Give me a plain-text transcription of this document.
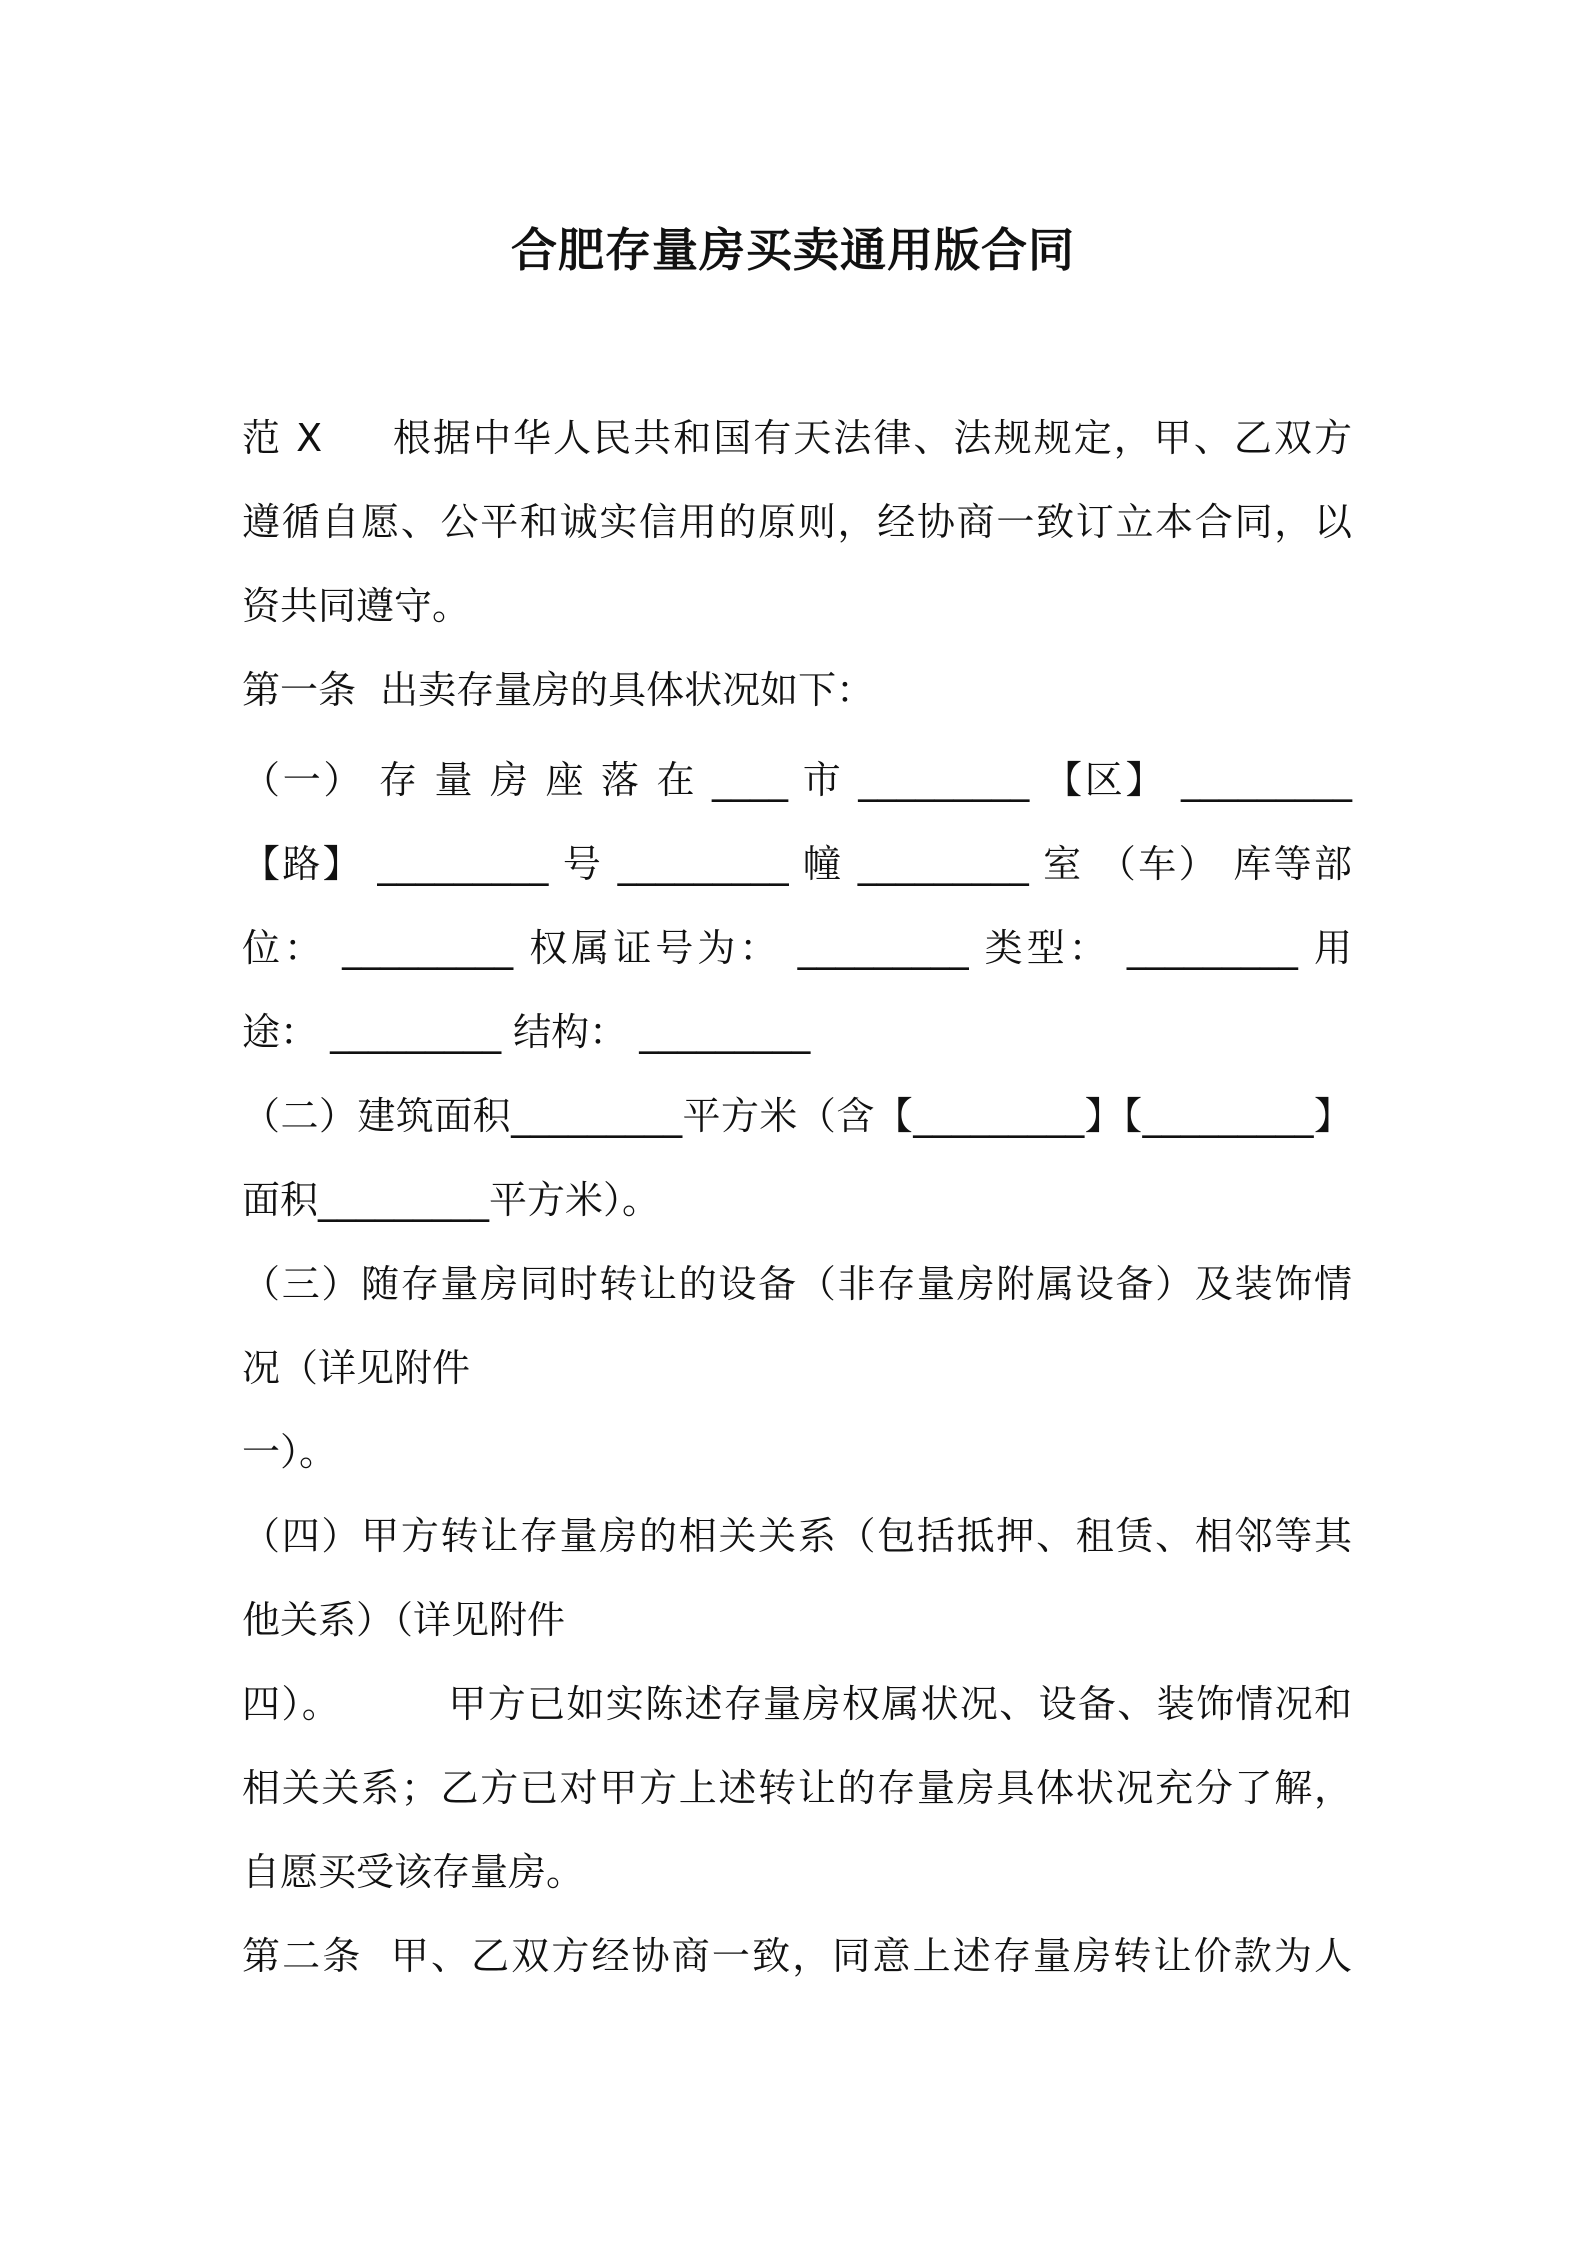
合肥存量房买卖通用版合同

范 X     根据中华人民共和国有天法律、法规规定，甲、乙双方

遵循自愿、公平和诚实信用的原则，经协商一致订立本合同，以

资共同遵守。

第一条  出卖存量房的具体状况如下：

（一） 存 量 房 座 落 在 ____ 市 _________ 【区】 _________

【路】 _________ 号 _________ 幢 _________ 室 （车） 库等部

位： _________ 权属证号为： _________ 类型： _________ 用

途： _________ 结构： _________

（二）建筑面积_________平方米（含【_________】【_________】

面积_________平方米）。

（三）随存量房同时转让的设备（非存量房附属设备）及装饰情

况（详见附件

一）。

（四）甲方转让存量房的相关关系（包括抵押、租赁、相邻等其

他关系）（详见附件

四）。        甲方已如实陈述存量房权属状况、设备、装饰情况和

相关关系；乙方已对甲方上述转让的存量房具体状况充分了解，

自愿买受该存量房。

第二条  甲、乙双方经协商一致，同意上述存量房转让价款为人
